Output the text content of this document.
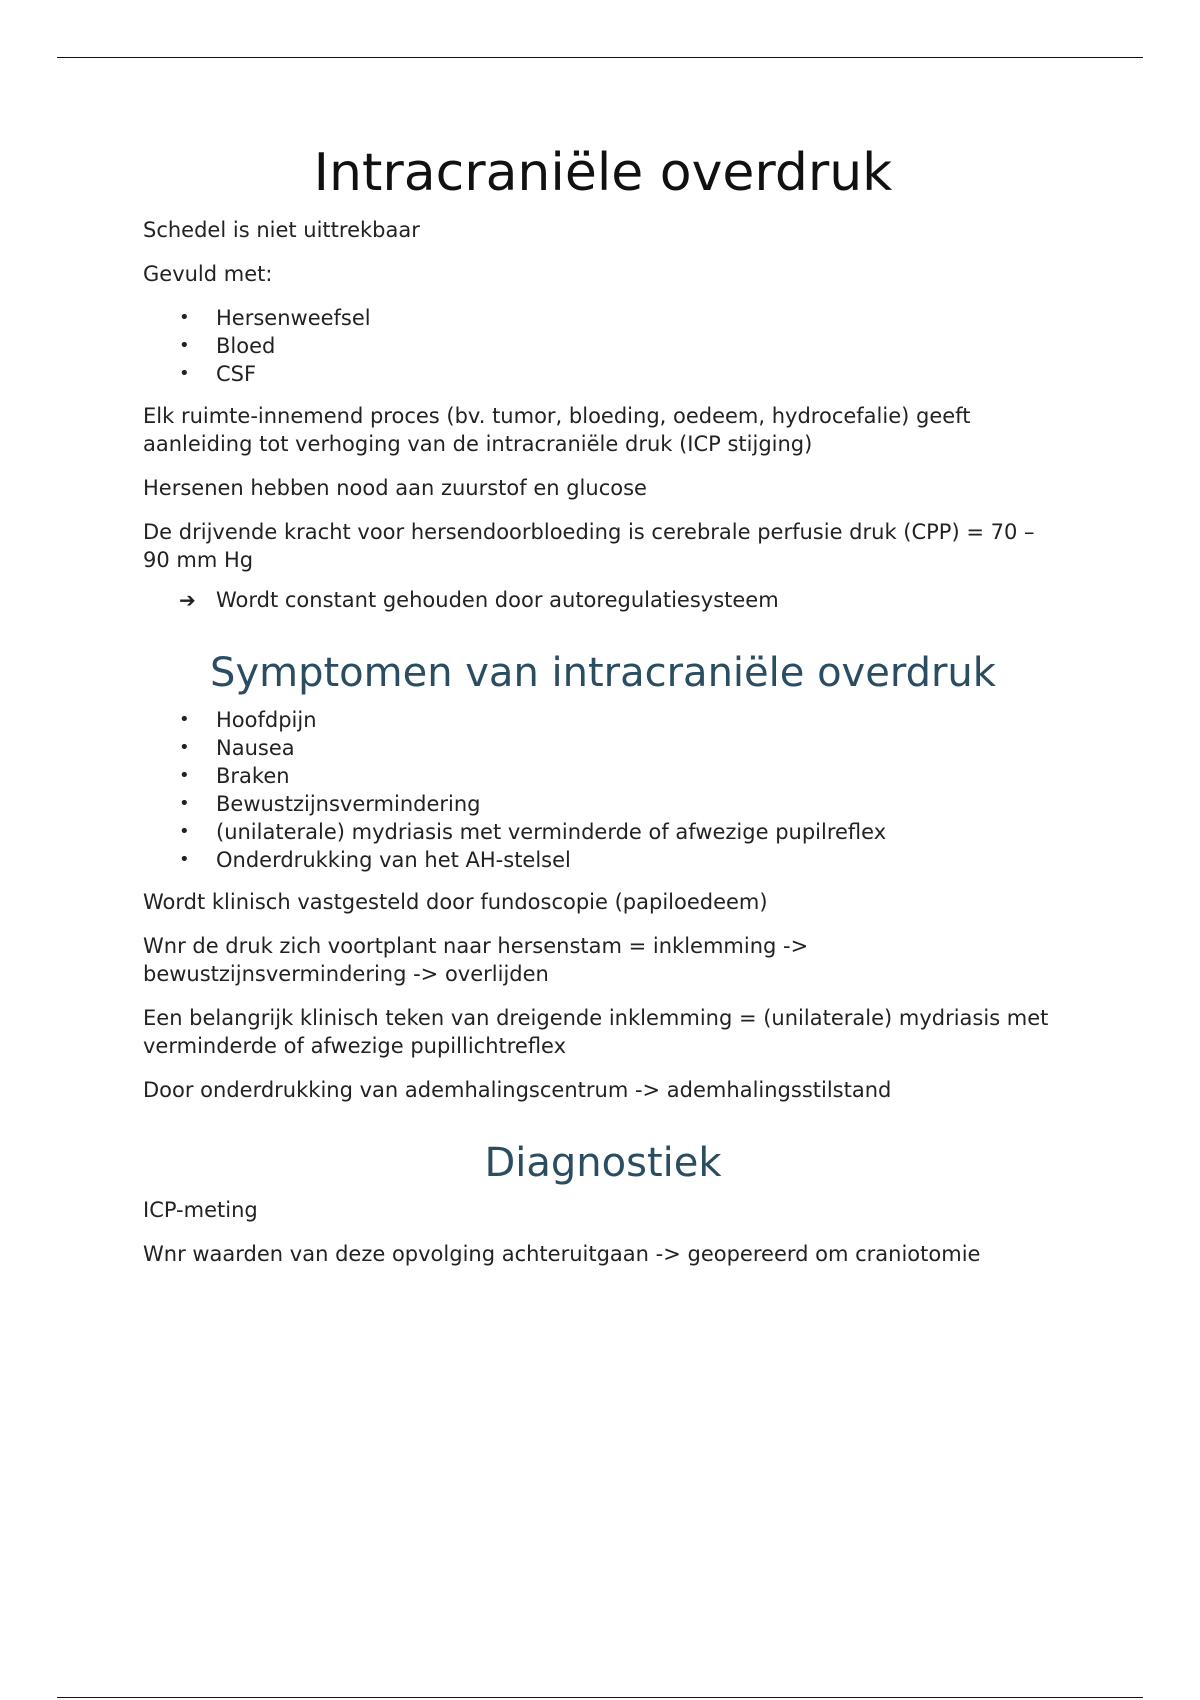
Intracraniële overdruk

Schedel is niet uittrekbaar

Gevuld met:

• Hersenweefsel
• Bloed
• CSF

Elk ruimte-innemend proces (bv. tumor, bloeding, oedeem, hydrocefalie) geeft aanleiding tot verhoging van de intracraniële druk (ICP stijging)

Hersenen hebben nood aan zuurstof en glucose

De drijvende kracht voor hersendoorbloeding is cerebrale perfusie druk (CPP) = 70 – 90 mm Hg

➔ Wordt constant gehouden door autoregulatiesysteem
Symptomen van intracraniële overdruk
• Hoofdpijn
• Nausea
• Braken
• Bewustzijnsvermindering
• (unilaterale) mydriasis met verminderde of afwezige pupilreflex
• Onderdrukking van het AH-stelsel

Wordt klinisch vastgesteld door fundoscopie (papiloedeem)

Wnr de druk zich voortplant naar hersenstam = inklemming -> bewustzijnsvermindering -> overlijden

Een belangrijk klinisch teken van dreigende inklemming = (unilaterale) mydriasis met verminderde of afwezige pupillichtreflex

Door onderdrukking van ademhalingscentrum -> ademhalingsstilstand

Diagnostiek

ICP-meting

Wnr waarden van deze opvolging achteruitgaan -> geopereerd om craniotomie
